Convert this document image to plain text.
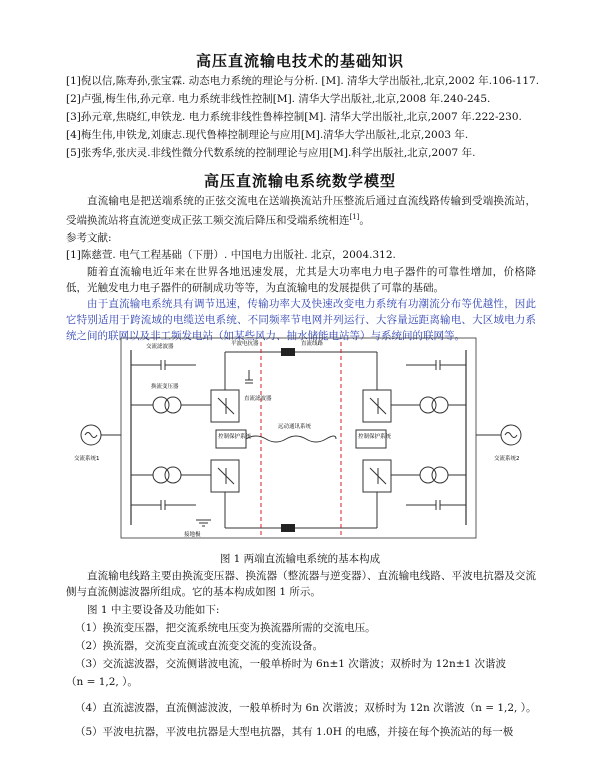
高压直流输电技术的基础知识
[1]倪以信,陈寿孙,张宝霖. 动态电力系统的理论与分析. [M]. 清华大学出版社,北京,2002 年.106-117.
[2]卢强,梅生伟,孙元章. 电力系统非线性控制[M]. 清华大学出版社,北京,2008 年.240-245.
[3]孙元章,焦晓红,申铁龙. 电力系统非线性鲁棒控制[M]. 清华大学出版社,北京,2007 年.222-230.
[4]梅生伟,申铁龙,刘康志.现代鲁棒控制理论与应用[M].清华大学出版社,北京,2003 年.
[5]张秀华,张庆灵.非线性微分代数系统的控制理论与应用[M].科学出版社,北京,2007 年.
高压直流输电系统数学模型
直流输电是把送端系统的正弦交流电在送端换流站升压整流后通过直流线路传输到受端换流站，受端换流站将直流逆变成正弦工频交流后降压和受端系统相连[1]。
参考文献:
[1]陈慈萱. 电气工程基础（下册）. 中国电力出版社. 北京，2004.312.
随着直流输电近年来在世界各地迅速发展，尤其是大功率电力电子器件的可靠性增加，价格降低，光触发电力电子器件的研制成功等等，为直流输电的发展提供了可靠的基础。
由于直流输电系统具有调节迅速，传输功率大及快速改变电力系统有功潮流分布等优越性，因此它特别适用于跨流域的电缆送电系统、不同频率节电网并列运行、大容量远距离输电、大区域电力系统之间的联网以及非工频发电站（如某些风力、抽水储能电站等）与系统间的联网等。
交流系统1	交流系统2
交流滤波器
换流变压器
平波电抗器	直流线路
直流滤波器
控制保护系统	控制保护系统
远动通讯系统
接地极
图 1 两端直流输电系统的基本构成
直流输电线路主要由换流变压器、换流器（整流器与逆变器）、直流输电线路、平波电抗器及交流侧与直流侧滤波器所组成。它的基本构成如图 1 所示。
图 1 中主要设备及功能如下:
（1）换流变压器，把交流系统电压变为换流器所需的交流电压。
（2）换流器，交流变直流或直流变交流的变流设备。
（3）交流滤波器，交流侧谐波电流，一般单桥时为 6n±1 次谐波；双桥时为 12n±1 次谐波
（n = 1,2, ）。
（4）直流滤波器，直流侧滤波波，一般单桥时为 6n 次谐波；双桥时为 12n 次谐波（n = 1,2, ）。
（5）平波电抗器，平波电抗器是大型电抗器，其有 1.0H 的电感，并接在每个换流站的每一极
